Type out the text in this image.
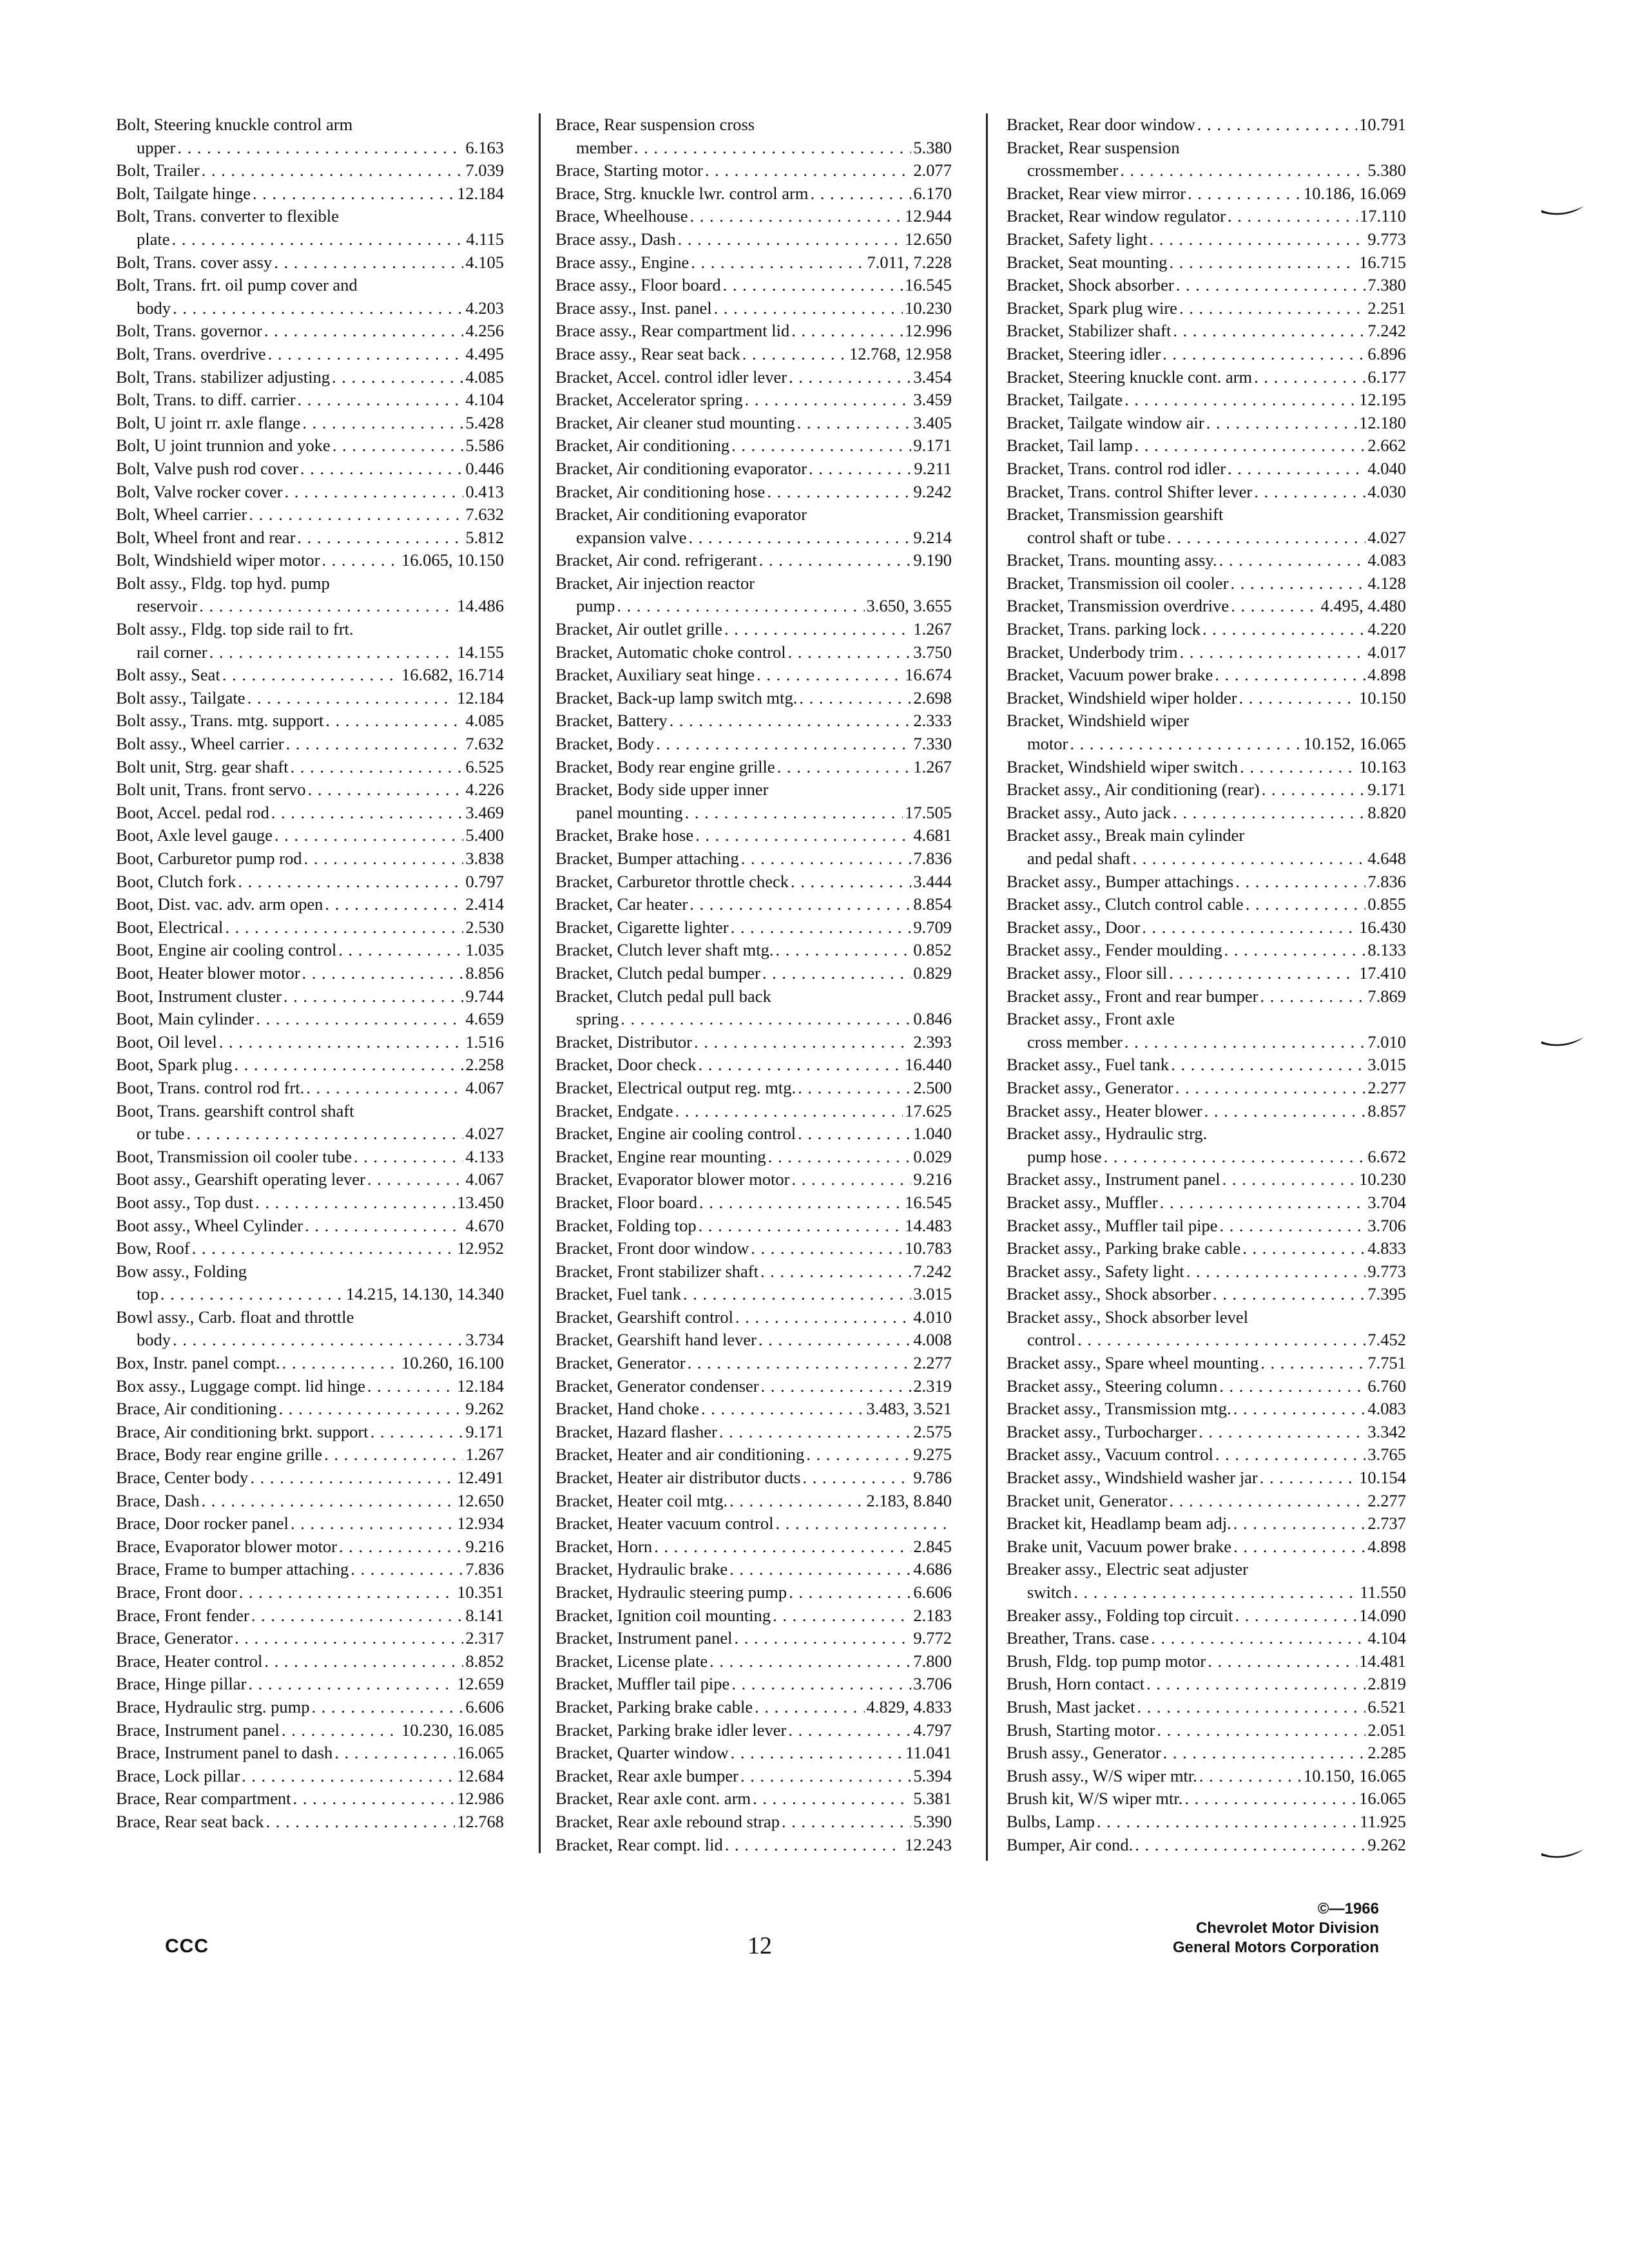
Bolt, Steering knuckle control arm
upper . . .	6.163
Bolt, Trailer . . .	7.039
Bolt, Tailgate hinge . . .	12.184
Bolt, Trans. converter to flexible
plate . . .	4.115
Bolt, Trans. cover assy . . .	4.105
Bolt, Trans. frt. oil pump cover and
body . . .	4.203
Bolt, Trans. governor . . .	4.256
Bolt, Trans. overdrive . . .	4.495
Bolt, Trans. stabilizer adjusting . . .	4.085
Bolt, Trans. to diff. carrier . . .	4.104
Bolt, U joint rr. axle flange . . .	5.428
Bolt, U joint trunnion and yoke . . .	5.586
Bolt, Valve push rod cover . . .	0.446
Bolt, Valve rocker cover . . .	0.413
Bolt, Wheel carrier . . .	7.632
Bolt, Wheel front and rear . . .	5.812
Bolt, Windshield wiper motor . . .	16.065, 10.150
Bolt assy., Fldg. top hyd. pump
reservoir . . .	14.486
Bolt assy., Fldg. top side rail to frt.
rail corner . . .	14.155
Bolt assy., Seat . . .	16.682, 16.714
Bolt assy., Tailgate . . .	12.184
Bolt assy., Trans. mtg. support . . .	4.085
Bolt assy., Wheel carrier . . .	7.632
Bolt unit, Strg. gear shaft . . .	6.525
Bolt unit, Trans. front servo . . .	4.226
Boot, Accel. pedal rod . . .	3.469
Boot, Axle level gauge . . .	5.400
Boot, Carburetor pump rod . . .	3.838
Boot, Clutch fork . . .	0.797
Boot, Dist. vac. adv. arm open . . .	2.414
Boot, Electrical . . .	2.530
Boot, Engine air cooling control . . .	1.035
Boot, Heater blower motor . . .	8.856
Boot, Instrument cluster . . .	9.744
Boot, Main cylinder . . .	4.659
Boot, Oil level . . .	1.516
Boot, Spark plug . . .	2.258
Boot, Trans. control rod frt. . . .	4.067
Boot, Trans. gearshift control shaft
or tube . . .	4.027
Boot, Transmission oil cooler tube . . .	4.133
Boot assy., Gearshift operating lever . . .	4.067
Boot assy., Top dust . . .	13.450
Boot assy., Wheel Cylinder . . .	4.670
Bow, Roof . . .	12.952
Bow assy., Folding
top . . .	14.215, 14.130, 14.340
Bowl assy., Carb. float and throttle
body . . .	3.734
Box, Instr. panel compt. . . .	10.260, 16.100
Box assy., Luggage compt. lid hinge . . .	12.184
Brace, Air conditioning . . .	9.262
Brace, Air conditioning brkt. support . . .	9.171
Brace, Body rear engine grille . . .	1.267
Brace, Center body . . .	12.491
Brace, Dash . . .	12.650
Brace, Door rocker panel . . .	12.934
Brace, Evaporator blower motor . . .	9.216
Brace, Frame to bumper attaching . . .	7.836
Brace, Front door . . .	10.351
Brace, Front fender . . .	8.141
Brace, Generator . . .	2.317
Brace, Heater control . . .	8.852
Brace, Hinge pillar . . .	12.659
Brace, Hydraulic strg. pump . . .	6.606
Brace, Instrument panel . . .	10.230, 16.085
Brace, Instrument panel to dash . . .	16.065
Brace, Lock pillar . . .	12.684
Brace, Rear compartment . . .	12.986
Brace, Rear seat back . . .	12.768
Brace, Rear suspension cross
member . . .	5.380
Brace, Starting motor . . .	2.077
Brace, Strg. knuckle lwr. control arm . . .	6.170
Brace, Wheelhouse . . .	12.944
Brace assy., Dash . . .	12.650
Brace assy., Engine . . .	7.011, 7.228
Brace assy., Floor board . . .	16.545
Brace assy., Inst. panel . . .	10.230
Brace assy., Rear compartment lid . . .	12.996
Brace assy., Rear seat back . . .	12.768, 12.958
Bracket, Accel. control idler lever . . .	3.454
Bracket, Accelerator spring . . .	3.459
Bracket, Air cleaner stud mounting . . .	3.405
Bracket, Air conditioning . . .	9.171
Bracket, Air conditioning evaporator . . .	9.211
Bracket, Air conditioning hose . . .	9.242
Bracket, Air conditioning evaporator
expansion valve . . .	9.214
Bracket, Air cond. refrigerant . . .	9.190
Bracket, Air injection reactor
pump . . .	3.650, 3.655
Bracket, Air outlet grille . . .	1.267
Bracket, Automatic choke control . . .	3.750
Bracket, Auxiliary seat hinge . . .	16.674
Bracket, Back-up lamp switch mtg. . . .	2.698
Bracket, Battery . . .	2.333
Bracket, Body . . .	7.330
Bracket, Body rear engine grille . . .	1.267
Bracket, Body side upper inner
panel mounting . . .	17.505
Bracket, Brake hose . . .	4.681
Bracket, Bumper attaching . . .	7.836
Bracket, Carburetor throttle check . . .	3.444
Bracket, Car heater . . .	8.854
Bracket, Cigarette lighter . . .	9.709
Bracket, Clutch lever shaft mtg. . . .	0.852
Bracket, Clutch pedal bumper . . .	0.829
Bracket, Clutch pedal pull back
spring . . .	0.846
Bracket, Distributor . . .	2.393
Bracket, Door check . . .	16.440
Bracket, Electrical output reg. mtg. . . .	2.500
Bracket, Endgate . . .	17.625
Bracket, Engine air cooling control . . .	1.040
Bracket, Engine rear mounting . . .	0.029
Bracket, Evaporator blower motor . . .	9.216
Bracket, Floor board . . .	16.545
Bracket, Folding top . . .	14.483
Bracket, Front door window . . .	10.783
Bracket, Front stabilizer shaft . . .	7.242
Bracket, Fuel tank . . .	3.015
Bracket, Gearshift control . . .	4.010
Bracket, Gearshift hand lever . . .	4.008
Bracket, Generator . . .	2.277
Bracket, Generator condenser . . .	2.319
Bracket, Hand choke . . .	3.483, 3.521
Bracket, Hazard flasher . . .	2.575
Bracket, Heater and air conditioning . . .	9.275
Bracket, Heater air distributor ducts . . .	9.786
Bracket, Heater coil mtg. . . .	2.183, 8.840
Bracket, Heater vacuum control
. . .
Bracket, Horn . . .	2.845
Bracket, Hydraulic brake . . .	4.686
Bracket, Hydraulic steering pump . . .	6.606
Bracket, Ignition coil mounting . . .	2.183
Bracket, Instrument panel . . .	9.772
Bracket, License plate . . .	7.800
Bracket, Muffler tail pipe . . .	3.706
Bracket, Parking brake cable . . .	4.829, 4.833
Bracket, Parking brake idler lever . . .	4.797
Bracket, Quarter window . . .	11.041
Bracket, Rear axle bumper . . .	5.394
Bracket, Rear axle cont. arm . . .	5.381
Bracket, Rear axle rebound strap . . .	5.390
Bracket, Rear compt. lid . . .	12.243
Bracket, Rear door window . . .	10.791
Bracket, Rear suspension
crossmember . . .	5.380
Bracket, Rear view mirror . . .	10.186, 16.069
Bracket, Rear window regulator . . .	17.110
Bracket, Safety light . . .	9.773
Bracket, Seat mounting . . .	16.715
Bracket, Shock absorber . . .	7.380
Bracket, Spark plug wire . . .	2.251
Bracket, Stabilizer shaft . . .	7.242
Bracket, Steering idler . . .	6.896
Bracket, Steering knuckle cont. arm . . .	6.177
Bracket, Tailgate . . .	12.195
Bracket, Tailgate window air . . .	12.180
Bracket, Tail lamp . . .	2.662
Bracket, Trans. control rod idler . . .	4.040
Bracket, Trans. control Shifter lever . . .	4.030
Bracket, Transmission gearshift
control shaft or tube . . .	4.027
Bracket, Trans. mounting assy. . . .	4.083
Bracket, Transmission oil cooler . . .	4.128
Bracket, Transmission overdrive . . .	4.495, 4.480
Bracket, Trans. parking lock . . .	4.220
Bracket, Underbody trim . . .	4.017
Bracket, Vacuum power brake . . .	4.898
Bracket, Windshield wiper holder . . .	10.150
Bracket, Windshield wiper
motor . . .	10.152, 16.065
Bracket, Windshield wiper switch . . .	10.163
Bracket assy., Air conditioning (rear) . . .	9.171
Bracket assy., Auto jack . . .	8.820
Bracket assy., Break main cylinder
and pedal shaft . . .	4.648
Bracket assy., Bumper attachings . . .	7.836
Bracket assy., Clutch control cable . . .	0.855
Bracket assy., Door . . .	16.430
Bracket assy., Fender moulding . . .	8.133
Bracket assy., Floor sill . . .	17.410
Bracket assy., Front and rear bumper . . .	7.869
Bracket assy., Front axle
cross member . . .	7.010
Bracket assy., Fuel tank . . .	3.015
Bracket assy., Generator . . .	2.277
Bracket assy., Heater blower . . .	8.857
Bracket assy., Hydraulic strg.
pump hose . . .	6.672
Bracket assy., Instrument panel . . .	10.230
Bracket assy., Muffler . . .	3.704
Bracket assy., Muffler tail pipe . . .	3.706
Bracket assy., Parking brake cable . . .	4.833
Bracket assy., Safety light . . .	9.773
Bracket assy., Shock absorber . . .	7.395
Bracket assy., Shock absorber level
control . . .	7.452
Bracket assy., Spare wheel mounting . . .	7.751
Bracket assy., Steering column . . .	6.760
Bracket assy., Transmission mtg. . . .	4.083
Bracket assy., Turbocharger . . .	3.342
Bracket assy., Vacuum control . . .	3.765
Bracket assy., Windshield washer jar . . .	10.154
Bracket unit, Generator . . .	2.277
Bracket kit, Headlamp beam adj. . . .	2.737
Brake unit, Vacuum power brake . . .	4.898
Breaker assy., Electric seat adjuster
switch . . .	11.550
Breaker assy., Folding top circuit . . .	14.090
Breather, Trans. case . . .	4.104
Brush, Fldg. top pump motor . . .	14.481
Brush, Horn contact . . .	2.819
Brush, Mast jacket . . .	6.521
Brush, Starting motor . . .	2.051
Brush assy., Generator . . .	2.285
Brush assy., W/S wiper mtr. . . .	10.150, 16.065
Brush kit, W/S wiper mtr. . . .	16.065
Bulbs, Lamp . . .	11.925
Bumper, Air cond. . . .	9.262
CCC	12
©—1966
Chevrolet Motor Division
General Motors Corporation
